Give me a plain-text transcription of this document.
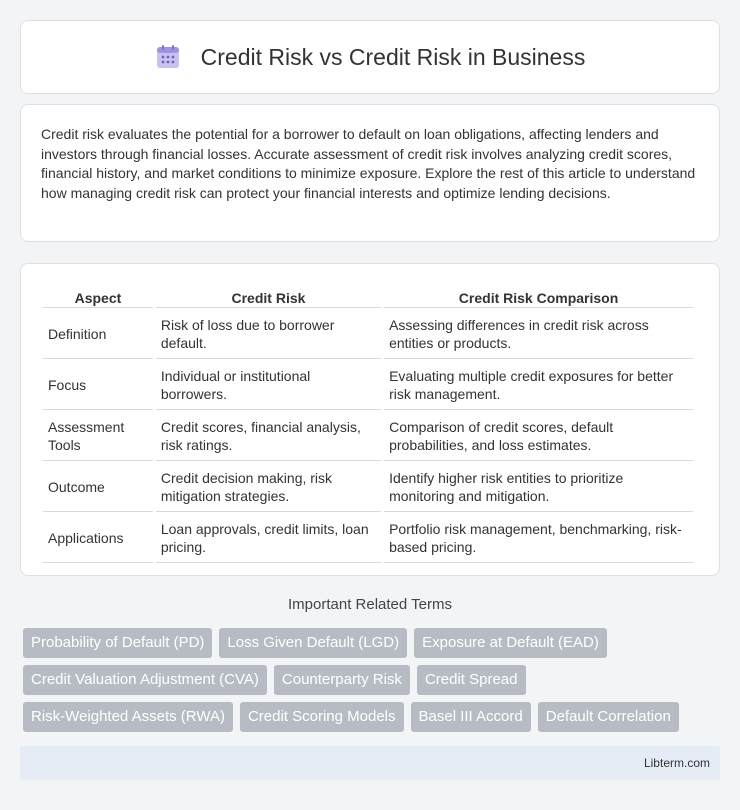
Credit Risk vs Credit Risk in Business

Credit risk evaluates the potential for a borrower to default on loan obligations, affecting lenders and investors through financial losses. Accurate assessment of credit risk involves analyzing credit scores, financial history, and market conditions to minimize exposure. Explore the rest of this article to understand how managing credit risk can protect your financial interests and optimize lending decisions.

Aspect	Credit Risk	Credit Risk Comparison
Definition	Risk of loss due to borrower default.	Assessing differences in credit risk across entities or products.
Focus	Individual or institutional borrowers.	Evaluating multiple credit exposures for better risk management.
Assessment Tools	Credit scores, financial analysis, risk ratings.	Comparison of credit scores, default probabilities, and loss estimates.
Outcome	Credit decision making, risk mitigation strategies.	Identify higher risk entities to prioritize monitoring and mitigation.
Applications	Loan approvals, credit limits, loan pricing.	Portfolio risk management, benchmarking, risk-based pricing.
Important Related Terms
Probability of Default (PD)	Loss Given Default (LGD)	Exposure at Default (EAD)
Credit Valuation Adjustment (CVA)	Counterparty Risk	Credit Spread
Risk-Weighted Assets (RWA)	Credit Scoring Models	Basel III Accord	Default Correlation
Libterm.com
